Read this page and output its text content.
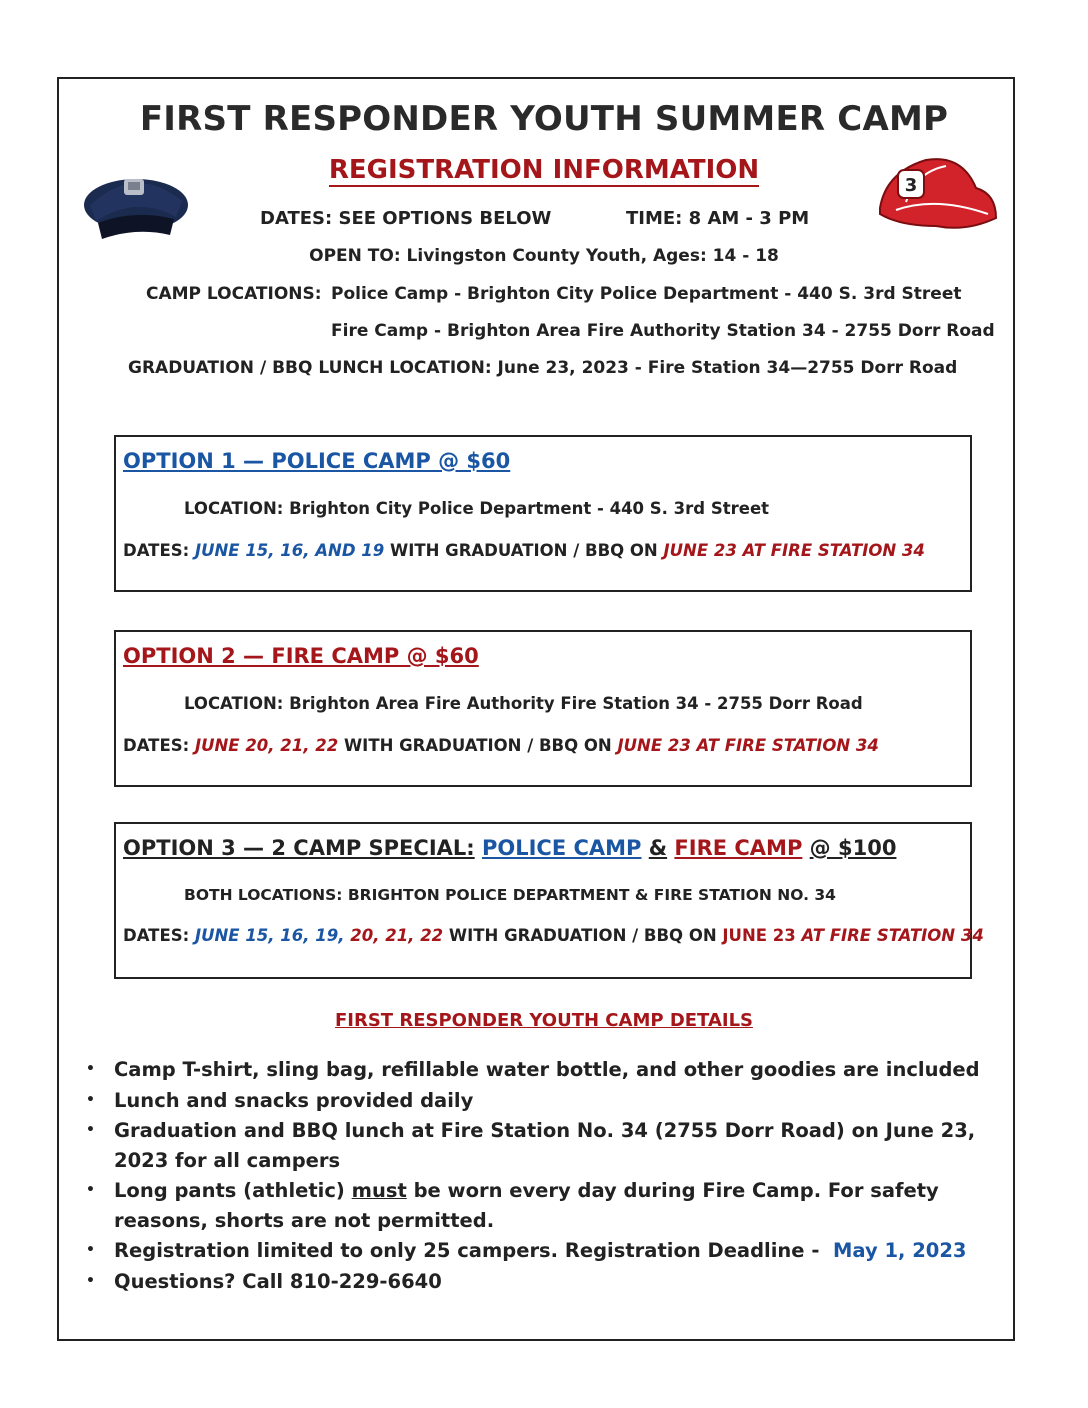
FIRST RESPONDER YOUTH SUMMER CAMP
REGISTRATION INFORMATION
3
DATES: SEE OPTIONS BELOW	TIME: 8 AM - 3 PM
OPEN TO: Livingston County Youth, Ages: 14 - 18
CAMP LOCATIONS: Police Camp - Brighton City Police Department - 440 S. 3rd Street
Fire Camp - Brighton Area Fire Authority Station 34 - 2755 Dorr Road
GRADUATION / BBQ LUNCH LOCATION: June 23, 2023 - Fire Station 34—2755 Dorr Road
OPTION 1 — POLICE CAMP @ $60
LOCATION: Brighton City Police Department - 440 S. 3rd Street
DATES: JUNE 15, 16, AND 19 WITH GRADUATION / BBQ ON JUNE 23 AT FIRE STATION 34
OPTION 2 — FIRE CAMP @ $60
LOCATION: Brighton Area Fire Authority Fire Station 34 - 2755 Dorr Road
DATES: JUNE 20, 21, 22 WITH GRADUATION / BBQ ON JUNE 23 AT FIRE STATION 34
OPTION 3 — 2 CAMP SPECIAL: POLICE CAMP & FIRE CAMP @ $100
BOTH LOCATIONS: BRIGHTON POLICE DEPARTMENT & FIRE STATION NO. 34
DATES: JUNE 15, 16, 19, 20, 21, 22 WITH GRADUATION / BBQ ON JUNE 23 AT FIRE STATION 34
FIRST RESPONDER YOUTH CAMP DETAILS
• Camp T-shirt, sling bag, refillable water bottle, and other goodies are included
• Lunch and snacks provided daily
• Graduation and BBQ lunch at Fire Station No. 34 (2755 Dorr Road) on June 23, 2023 for all campers
• Long pants (athletic) must be worn every day during Fire Camp. For safety reasons, shorts are not permitted.
• Registration limited to only 25 campers. Registration Deadline - May 1, 2023
• Questions? Call 810-229-6640
